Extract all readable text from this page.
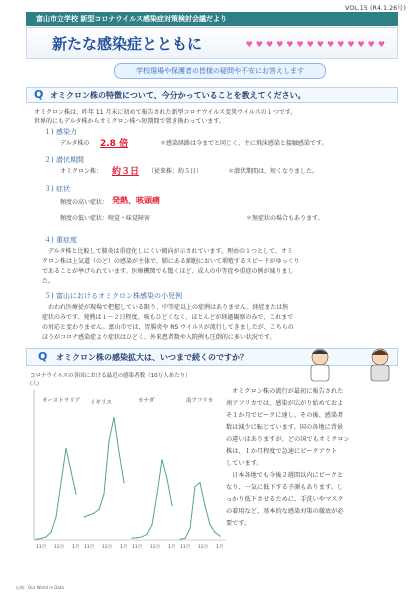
VOL.15 (R4.1.26号)
富山市立学校 新型コロナウイルス感染症対策検討会議だより
新たな感染症とともに	♥♥♥♥♥♥♥♥♥♥♥♥♥♥
学校現場や保護者の皆様の疑問や不安にお答えします
Q オミクロン株の特徴について、今分かっていることを教えてください。
オミクロン株は、昨年 11 月末に初めて報告された新型コロナウイルス変異ウイルスの１つです。
世界的にもデルタ株からオミクロン株へ短期間で置き換わっています。
１) 感染力
デルタ株の 2.8 倍	＊感染経路は今までと同じく、主に飛沫感染と接触感染です。
２) 潜伏期間
オミクロン株： 約３日 （従来株：約５日）	＊潜伏期間は、短くなりました。
３) 症状
頻度の高い症状： 発熱、咳頭痛
頻度の低い症状：嗅覚・味覚障害	＊無症状の場合もあります。
４) 重症度
デルタ株と比較して肺炎は重症化しにくい傾向が示されています。理由の１つとして、オミ
クロン株は上気道（のど）の感染が主体で、肺にある細胞において増殖するスピードがゆっくり
であることが挙げられています。医療機関でも驚くほど、成人の中等症や重症の例が減りまし
た。
５) 富山におけるオミクロン株感染の小児例
わわれ医療従が現場で把握している限り、中等症以上の症例はありません。経症または無
症状のみです。発熱は１〜２日程度。咳もひどくなく、ほとんどが経過観察のみで、これまで
の対応と変わりません。富山市では、胃腸炎や RS ウイルスが流行してきましたが、こちらの
ほうがコロナ感染症より症状はひどく、外来患者数や入院例も圧倒的に多い状況です。
Q オミクロン株の感染拡大は、いつまで続くのですか？
コロナウイルスの各国における最近の感染者数（10万人あたり）
(人)
オーストラリア
11月 12月 1月
イギリス
11月 12月 1月
カナダ
11月 12月 1月
南アフリカ
11月 12月 1月
オミクロン株の流行が最初に報告された
南アフリカでは、感染が広がり始めておよ
そ１か月でピークに達し、その後、感染者
数は減少に転じています。国の各地に背景
の違いはありますが、どの国でもオミクロン
株は、１か月程度で急速にピークアウト
しています。
日本各地でも今後２週間以内にピークと
なり、一気に低下する予測もあります。し
っかり低下させるために、手洗いやマスク
の着用など、基本的な感染対策の徹底が必
要です。
出典：Our World in Data
